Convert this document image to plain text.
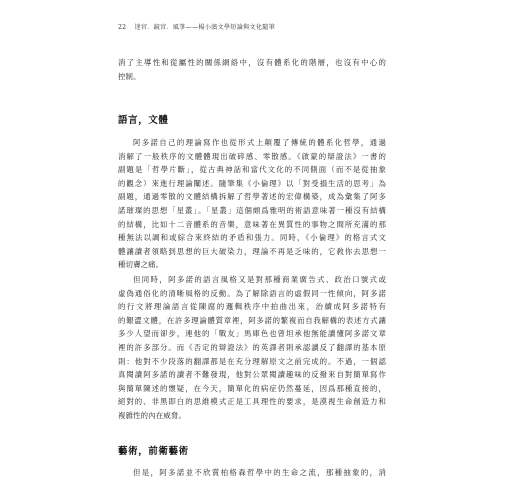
22 迷宮．鏡宮．風箏——楊小濱文學短論與文化隨筆
消了主導性和從屬性的關係網絡中，沒有體系化的階層，也沒有中心的
控制。
語言，文體
阿多諾自己的理論寫作也從形式上顛覆了傳統的體系化哲學，通過
消解了一般秩序的文體體現出破碎感、零散感。《啟蒙的辯證法》一書的
副題是「哲學片斷」，從古典神話和當代文化的不同側面（而不是從抽象
的觀念）來進行理論闡述。隨筆集《小倫理》以「對受損生活的思考」為
副題，通過零散的文體結構拆解了哲學著述的宏偉構築，成為彙集了阿多
諾璀璨的思想「星叢」。「星叢」這個頗爲雅明的術語意味著一種沒有結構
的結構，比如十二音體系的音樂，意味著在異質性的事物之間所充滿的那
種無法以調和或綜合來終結的矛盾和張力。同時，《小倫理》的格言式文
體讓讀者領略到思想的巨大破染力，理論不再是乏味的，它敎你去思想一
種切膚之痛。
但同時，阿多諾的語言風格又是對那種商業廣告式、政治口號式或
虛偽通俗化的清晰風格的反動。為了解除語言的虛假同一性傾向，阿多諾
的行文將理論語言從陳腐的邏輯秩序中拍曲出來，治續成阿多諾特有
的艱澀文體，在許多理論體質章裡，阿多諾的繁複而自我解構的表述方式讓
多少人望而卻步，連他的「戰友」馬庫色也曾坦承他無能讀懂阿多諾文章
裡的許多部分。而《否定的辯證法》的英譯者則承認讀反了翻譯的基本原
則：他對不少段落的翻譯都是在充分理解原文之前完成的。不過，一個認
真閱讀阿多諾的讀者不難發現，他對公眾閱讀趣味的反撥來自對簡單寫作
與簡單陳述的懷疑，在今天，簡單化的病症仍然蔓延，因爲那種直接的，
絕對的、非黑即白的思維模式正是工具理性的要求，是漠視生命創造力和
複雜性的內在威脅。
藝術，前衛藝術
但是，阿多諾並不欣賞柏格森哲學中的生命之流，那種抽象的，消
